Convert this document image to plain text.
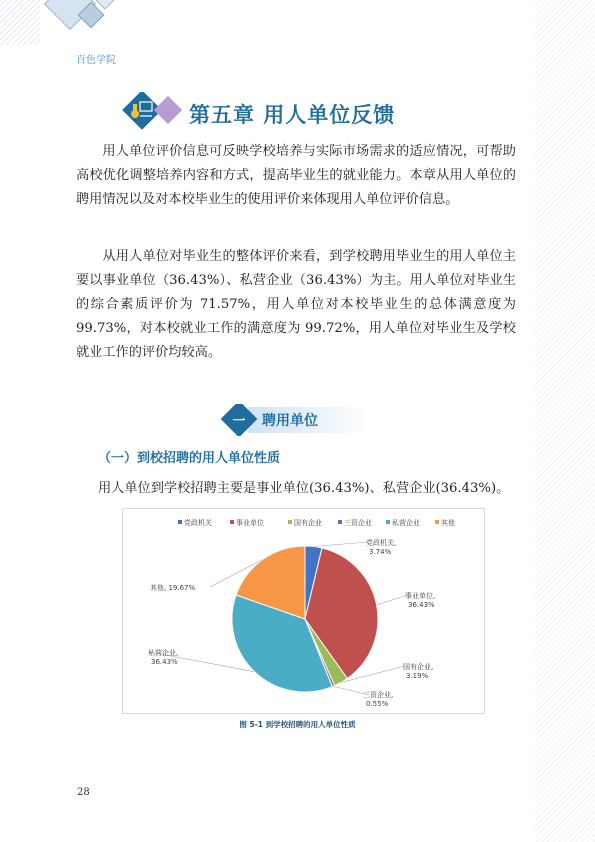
百色学院
第五章 用人单位反馈

用人单位评价信息可反映学校培养与实际市场需求的适应情况，可帮助高校优化调整培养内容和方式，提高毕业生的就业能力。本章从用人单位的聘用情况以及对本校毕业生的使用评价来体现用人单位评价信息。

从用人单位对毕业生的整体评价来看，到学校聘用毕业生的用人单位主要以事业单位（36.43%）、私营企业（36.43%）为主。用人单位对毕业生的综合素质评价为 71.57%，用人单位对本校毕业生的总体满意度为 99.73%，对本校就业工作的满意度为 99.72%，用人单位对毕业生及学校就业工作的评价均较高。

一 聘用单位
（一）到校招聘的用人单位性质
用人单位到学校招聘主要是事业单位(36.43%)、私营企业(36.43%)。
党政机关	事业单位	国有企业	三资企业	私营企业	其他
党政机关,
3.74%
事业单位,
36.43%
国有企业,
3.19%
三资企业,
0.55%
私营企业,
36.43%
其他, 19.67%
图 5-1 到学校招聘的用人单位性质
28
